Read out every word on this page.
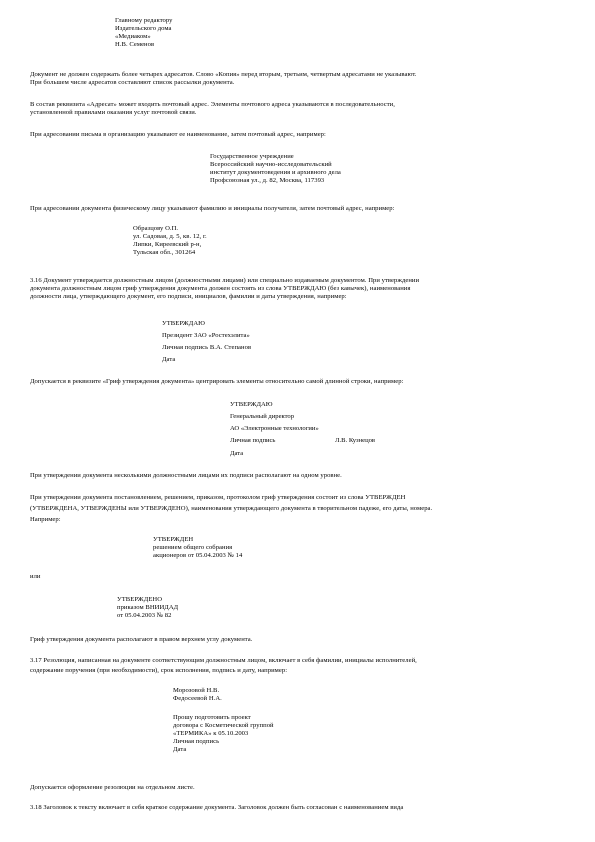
Главному редактору
Издательского дома
«Медиаком»
Н.В. Семенов
Документ не должен содержать более четырех адресатов. Слово «Копия» перед вторым, третьим, четвертым адресатами не указывают.
При большем числе адресатов составляют список рассылки документа.
В состав реквизита «Адресат» может входить почтовый адрес. Элементы почтового адреса указываются в последовательности,
установленной правилами оказания услуг почтовой связи.
При адресовании письма в организацию указывают ее наименование, затем почтовый адрес, например:
Государственное учреждение
Всероссийский научно-исследовательский
институт документоведения и архивного дела
Профсоюзная ул., д. 82, Москва, 117393
При адресовании документа физическому лицу указывают фамилию и инициалы получателя, затем почтовый адрес, например:
Образцову О.П.
ул. Садовая, д. 5, кв. 12, г.
Липки, Киреевский р-н,
Тульская обл., 301264
3.16 Документ утверждается должностным лицом (должностными лицами) или специально издаваемым документом. При утверждении
документа должностным лицом гриф утверждения документа должен состоять из слова УТВЕРЖДАЮ (без кавычек), наименования
должности лица, утверждающего документ, его подписи, инициалов, фамилии и даты утверждения, например:
УТВЕРЖДАЮ
Президент ЗАО «Ростехэлита»
Личная подпись В.А. Степанов
Дата
Допускается в реквизите «Гриф утверждения документа» центрировать элементы относительно самой длинной строки, например:
УТВЕРЖДАЮ
Генеральный директор
АО «Электронные технологии»
Личная подпись	Л.В. Кузнецов
Дата
При утверждении документа несколькими должностными лицами их подписи располагают на одном уровне.
При утверждении документа постановлением, решением, приказом, протоколом гриф утверждения состоит из слова УТВЕРЖДЕН
(УТВЕРЖДЕНА, УТВЕРЖДЕНЫ или УТВЕРЖДЕНО), наименования утверждающего документа в творительном падеже, его даты, номера.
Например:
УТВЕРЖДЕН
решением общего собрания
акционеров от 05.04.2003 № 14
или
УТВЕРЖДЕНО
приказом ВНИИДАД
от 05.04.2003 № 82
Гриф утверждения документа располагают в правом верхнем углу документа.
3.17 Резолюция, написанная на документе соответствующим должностным лицом, включает в себя фамилии, инициалы исполнителей,
содержание поручения (при необходимости), срок исполнения, подпись и дату, например:
Морозовой Н.В.
Федосеевой Н.А.
Прошу подготовить проект
договора с Косметической группой
«ТЕРМИКА» к 05.10.2003
Личная подпись
Дата
Допускается оформление резолюции на отдельном листе.
3.18 Заголовок к тексту включает в себя краткое содержание документа. Заголовок должен быть согласован с наименованием вида
